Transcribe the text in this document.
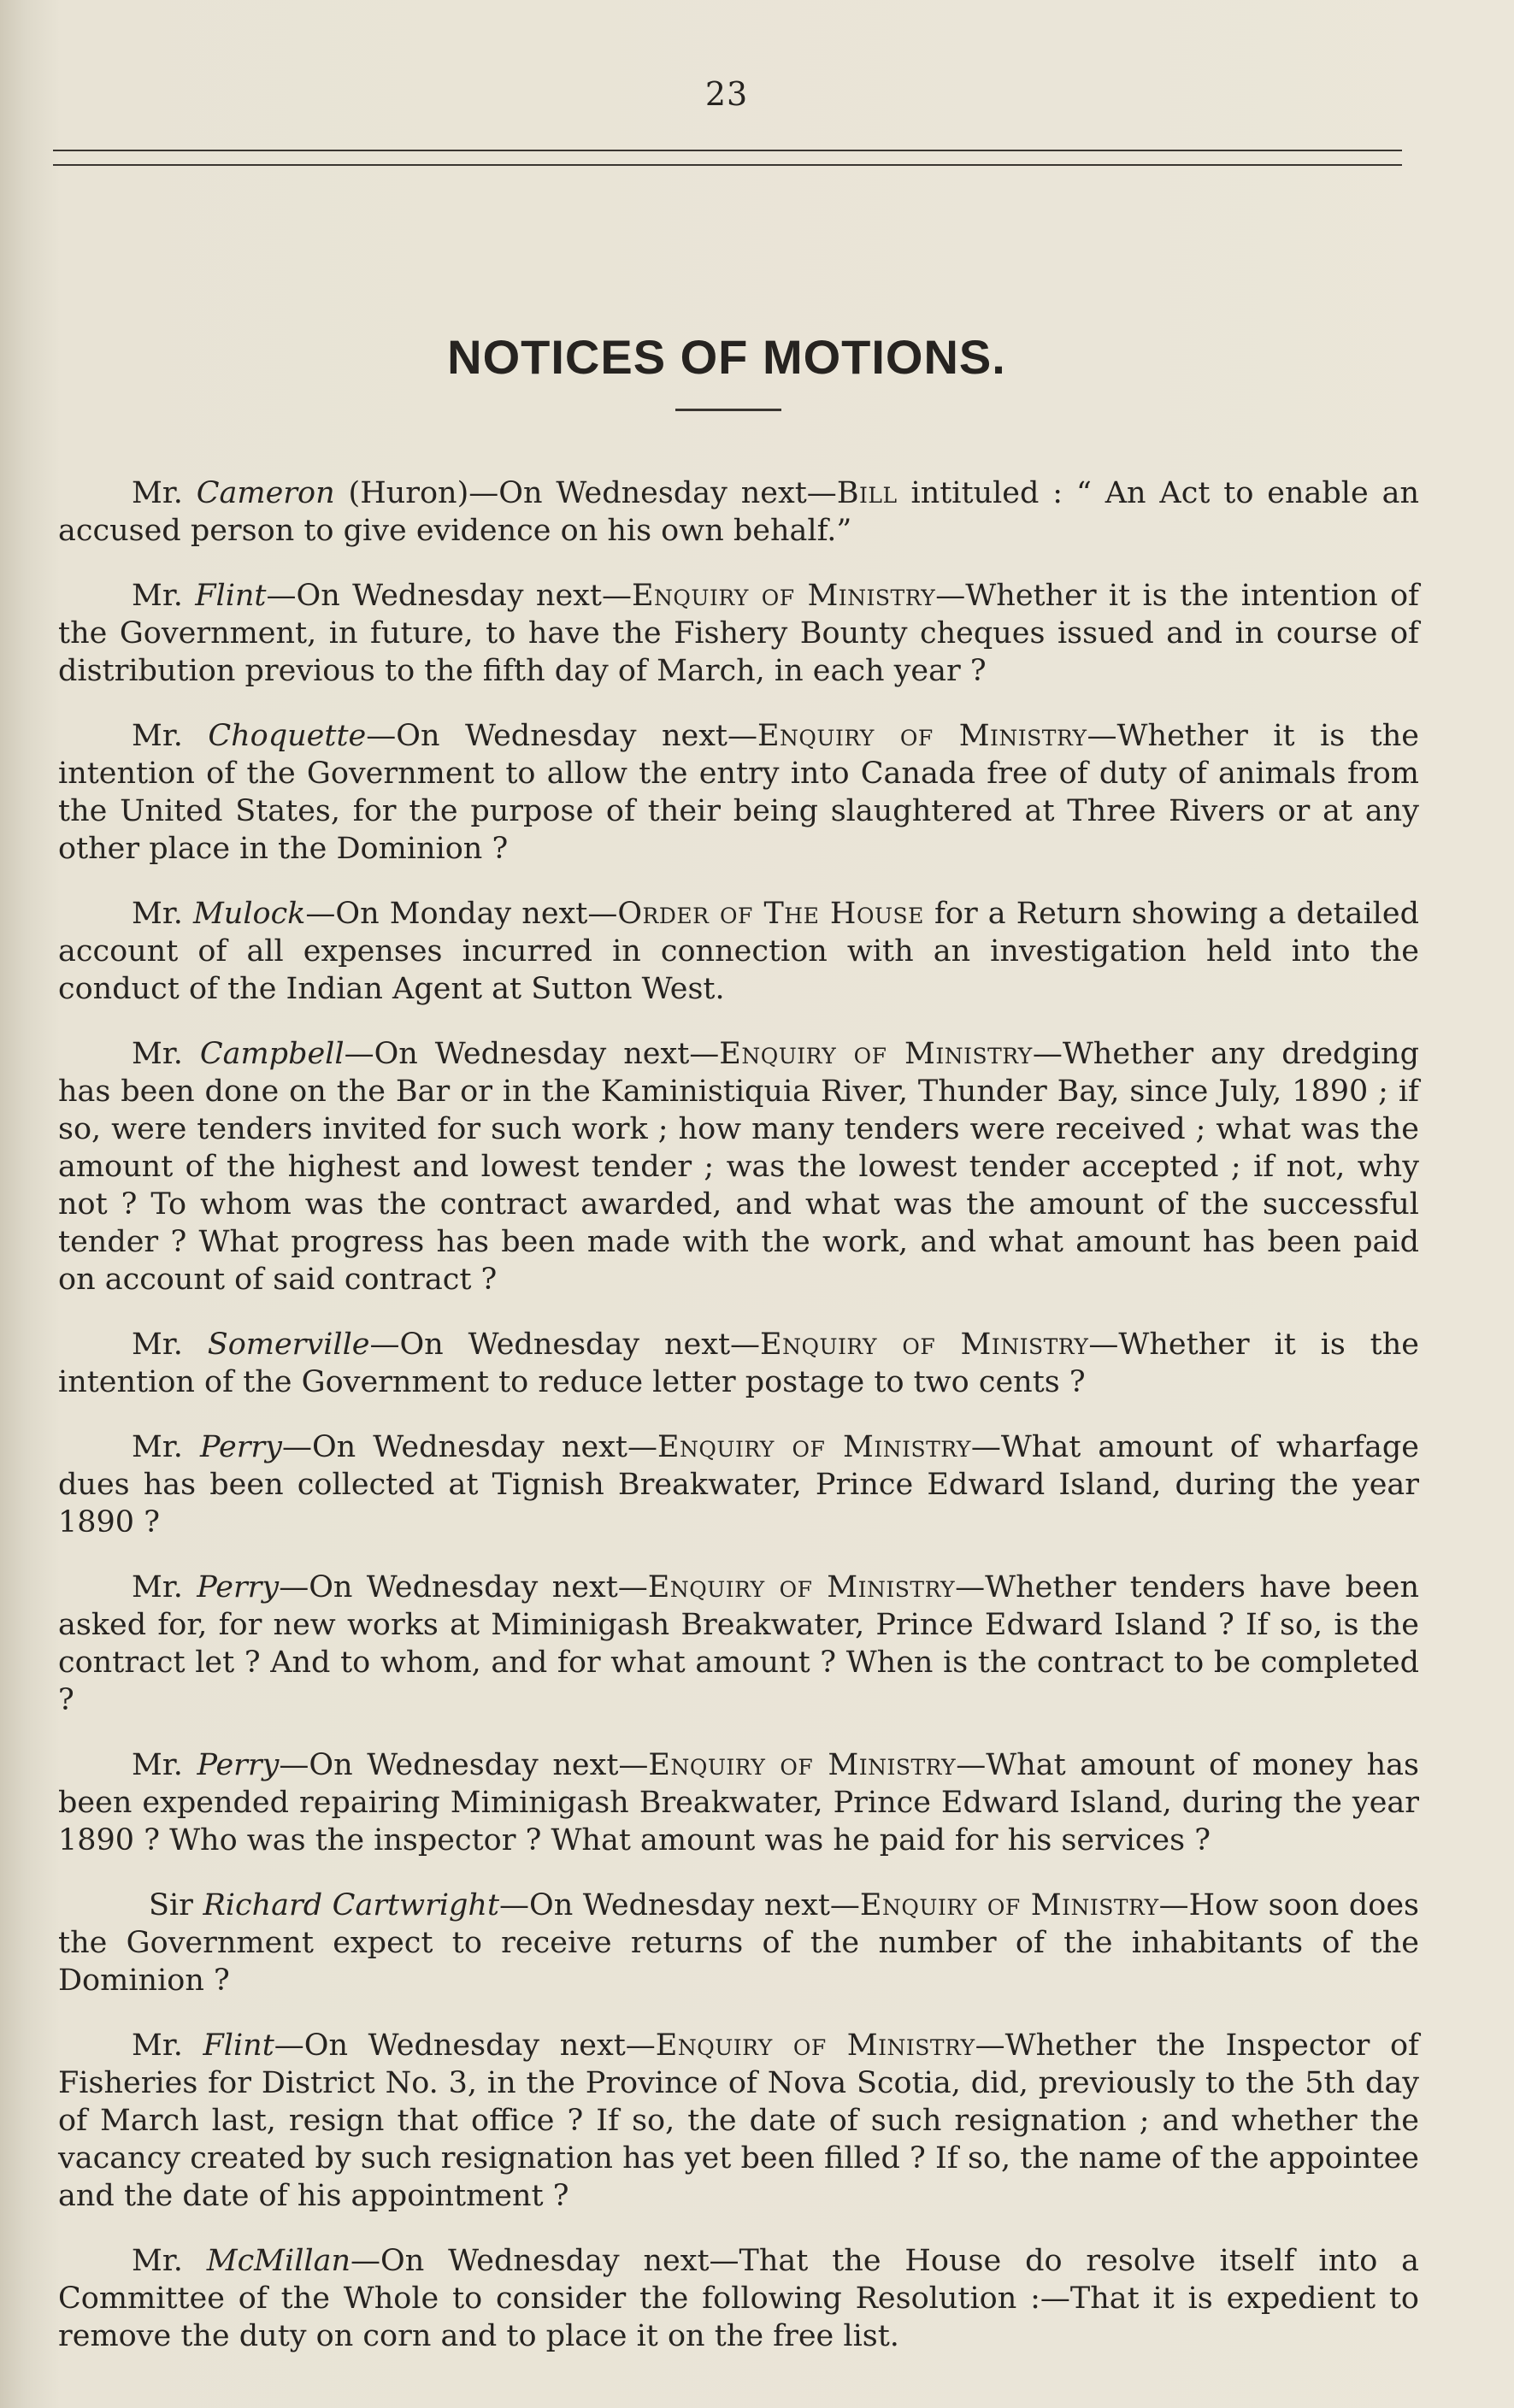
23
NOTICES OF MOTIONS.

Mr. Cameron (Huron)—On Wednesday next—Bill intituled : “ An Act to enable an accused person to give evidence on his own behalf.”

Mr. Flint—On Wednesday next—Enquiry of Ministry—Whether it is the intention of the Government, in future, to have the Fishery Bounty cheques issued and in course of distribution previous to the fifth day of March, in each year ?

Mr. Choquette—On Wednesday next—Enquiry of Ministry—Whether it is the intention of the Government to allow the entry into Canada free of duty of animals from the United States, for the purpose of their being slaughtered at Three Rivers or at any other place in the Dominion ?

Mr. Mulock—On Monday next—Order of The House for a Return showing a detailed account of all expenses incurred in connection with an investigation held into the conduct of the Indian Agent at Sutton West.

Mr. Campbell—On Wednesday next—Enquiry of Ministry—Whether any dredging has been done on the Bar or in the Kaministiquia River, Thunder Bay, since July, 1890 ; if so, were tenders invited for such work ; how many tenders were received ; what was the amount of the highest and lowest tender ; was the lowest tender accepted ; if not, why not ? To whom was the contract awarded, and what was the amount of the successful tender ? What progress has been made with the work, and what amount has been paid on account of said contract ?

Mr. Somerville—On Wednesday next—Enquiry of Ministry—Whether it is the intention of the Government to reduce letter postage to two cents ?

Mr. Perry—On Wednesday next—Enquiry of Ministry—What amount of wharfage dues has been collected at Tignish Breakwater, Prince Edward Island, during the year 1890 ?

Mr. Perry—On Wednesday next—Enquiry of Ministry—Whether tenders have been asked for, for new works at Miminigash Breakwater, Prince Edward Island ? If so, is the contract let ? And to whom, and for what amount ? When is the contract to be completed ?

Mr. Perry—On Wednesday next—Enquiry of Ministry—What amount of money has been expended repairing Miminigash Breakwater, Prince Edward Island, during the year 1890 ? Who was the inspector ? What amount was he paid for his services ?

Sir Richard Cartwright—On Wednesday next—Enquiry of Ministry—How soon does the Government expect to receive returns of the number of the inhabitants of the Dominion ?

Mr. Flint—On Wednesday next—Enquiry of Ministry—Whether the Inspector of Fisheries for District No. 3, in the Province of Nova Scotia, did, previously to the 5th day of March last, resign that office ? If so, the date of such resignation ; and whether the vacancy created by such resignation has yet been filled ? If so, the name of the appointee and the date of his appointment ?

Mr. McMillan—On Wednesday next—That the House do resolve itself into a Committee of the Whole to consider the following Resolution :—That it is expedient to remove the duty on corn and to place it on the free list.
